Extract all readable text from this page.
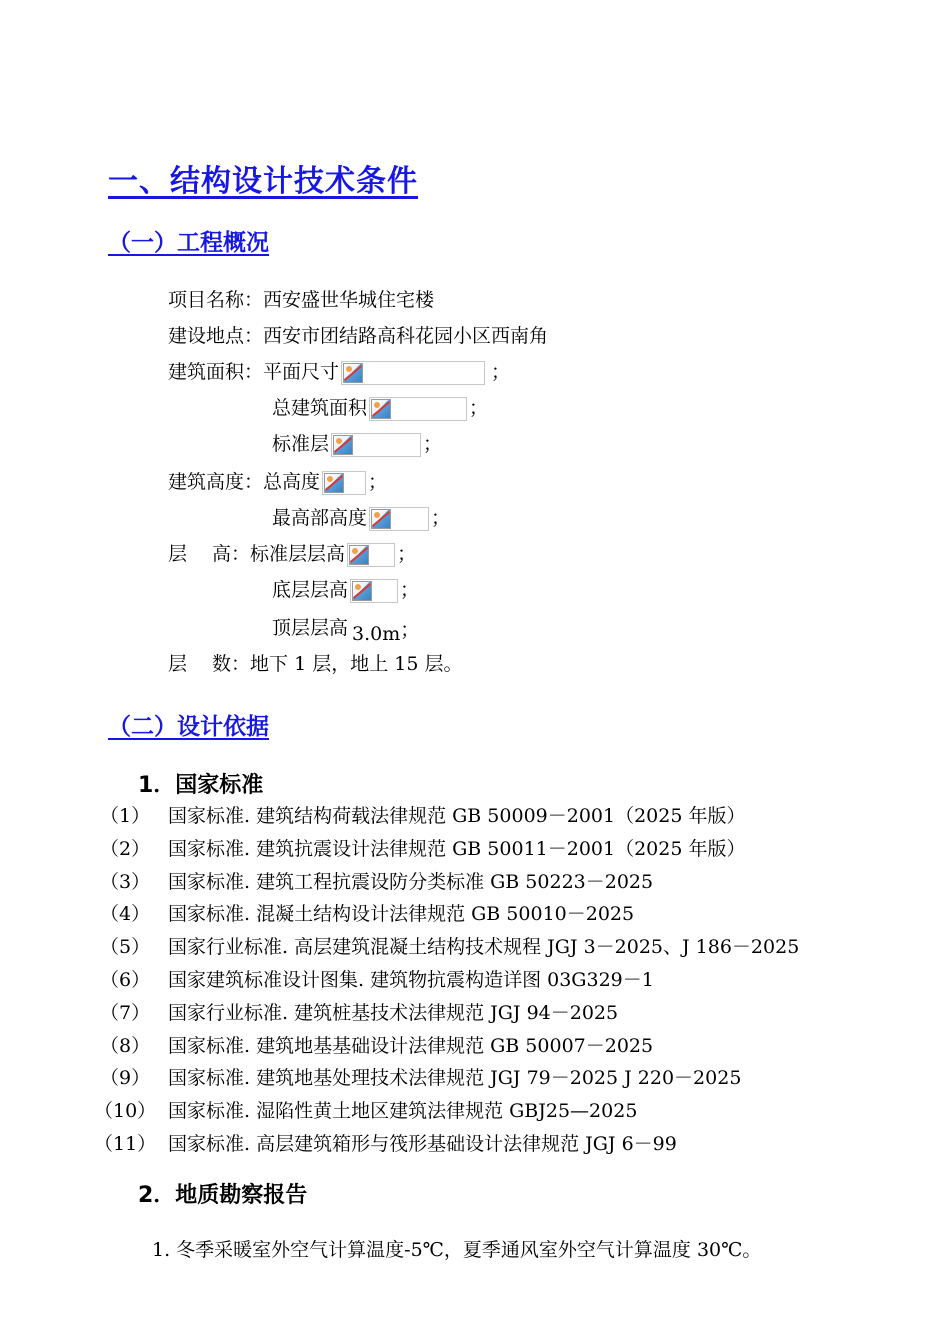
一、结构设计技术条件
（一）工程概况
项目名称：西安盛世华城住宅楼
建设地点：西安市团结路高科花园小区西南角
建筑面积：平面尺寸	；
总建筑面积	；
标准层	；
建筑高度：总高度	；
最高部高度	；
层　 高：标准层层高	；
底层层高	；
顶层层高 3.0m；
层　 数：地下 1 层，地上 15 层。
（二）设计依据
1．国家标准
（1） 国家标准. 建筑结构荷载法律规范 GB 50009－2001（2025 年版）
（2） 国家标准. 建筑抗震设计法律规范 GB 50011－2001（2025 年版）
（3） 国家标准. 建筑工程抗震设防分类标准 GB 50223－2025
（4） 国家标准. 混凝土结构设计法律规范 GB 50010－2025
（5） 国家行业标准. 高层建筑混凝土结构技术规程 JGJ 3－2025、J 186－2025
（6） 国家建筑标准设计图集. 建筑物抗震构造详图 03G329－1
（7） 国家行业标准. 建筑桩基技术法律规范 JGJ 94－2025
（8） 国家标准. 建筑地基基础设计法律规范 GB 50007－2025
（9） 国家标准. 建筑地基处理技术法律规范 JGJ 79－2025 J 220－2025
（10） 国家标准. 湿陷性黄土地区建筑法律规范 GBJ25—2025
（11） 国家标准. 高层建筑箱形与筏形基础设计法律规范 JGJ 6－99
2．地质勘察报告
1. 冬季采暖室外空气计算温度-5℃，夏季通风室外空气计算温度 30℃。
